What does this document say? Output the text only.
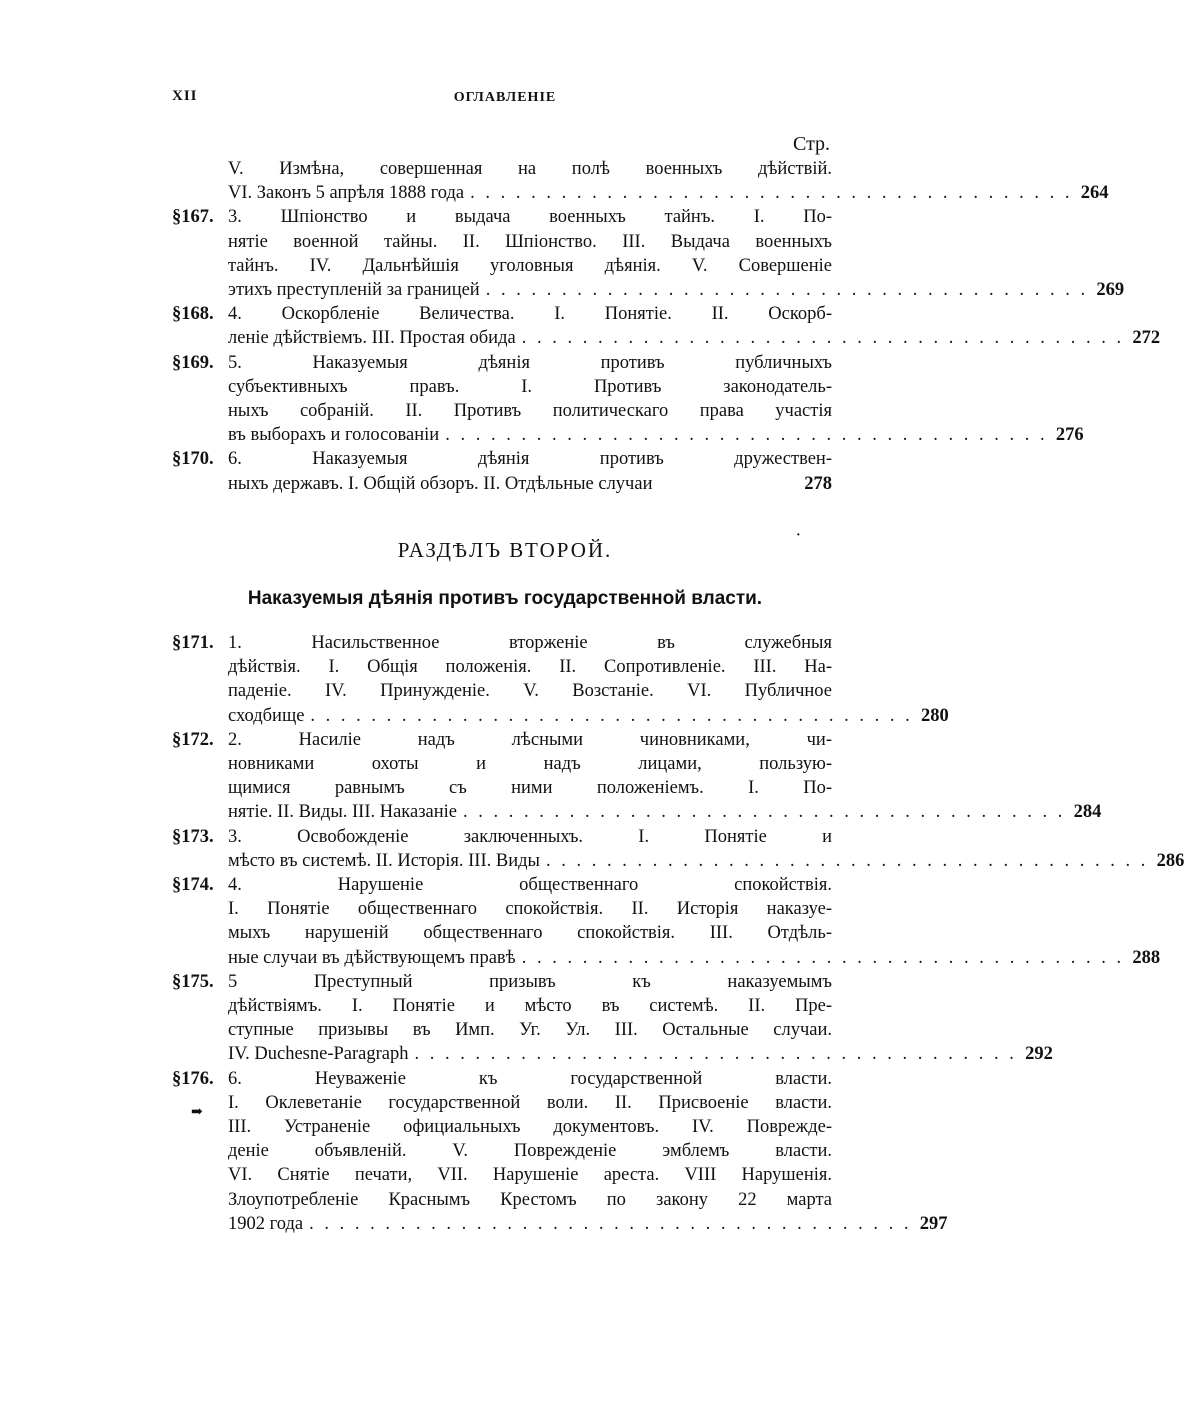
XII	ОГЛАВЛЕНІЕ
Стр.
V. Измѣна, совершенная на полѣ военныхъ дѣйствій.
VI. Законъ 5 апрѣля 1888 года . . . . . . . . . . . . . . . . . . . . . . . . . . . . . . . . . . . . . . . . 264
§167. 3. Шпіонство и выдача военныхъ тайнъ. I. По-
нятіе военной тайны. II. Шпіонство. III. Выдача военныхъ
тайнъ. IV. Дальнѣйшія уголовныя дѣянія. V. Совершеніе
этихъ преступленій за границей . . . . . . . . . . . . . . . . . . . . . . . . . . . . . . . . . . . . . . . . 269
§168. 4. Оскорбленіе Величества. I. Понятіе. II. Оскорб-
леніе дѣйствіемъ. III. Простая обида . . . . . . . . . . . . . . . . . . . . . . . . . . . . . . . . . . . . . . . . 272
§169. 5. Наказуемыя дѣянія противъ публичныхъ
субъективныхъ правъ. I. Противъ законодатель-
ныхъ собраній. II. Противъ политическаго права участія
въ выборахъ и голосованіи . . . . . . . . . . . . . . . . . . . . . . . . . . . . . . . . . . . . . . . . 276
§170. 6. Наказуемыя дѣянія противъ дружествен-
ныхъ державъ. I. Общій обзоръ. II. Отдѣльные случаи	278
РАЗДѢЛЪ ВТОРОЙ.
Наказуемыя дѣянія противъ государственной власти.
§171. 1. Насильственное вторженіе въ служебныя
дѣйствія. I. Общія положенія. II. Сопротивленіе. III. На-
паденіе. IV. Принужденіе. V. Возстаніе. VI. Публичное
сходбище . . . . . . . . . . . . . . . . . . . . . . . . . . . . . . . . . . . . . . . . 280
§172. 2. Насиліе надъ лѣсными чиновниками, чи-
новниками охоты и надъ лицами, пользую-
щимися равнымъ съ ними положеніемъ. I. По-
нятіе. II. Виды. III. Наказаніе . . . . . . . . . . . . . . . . . . . . . . . . . . . . . . . . . . . . . . . . 284
§173. 3. Освобожденіе заключенныхъ. I. Понятіе и
мѣсто въ системѣ. II. Исторія. III. Виды . . . . . . . . . . . . . . . . . . . . . . . . . . . . . . . . . . . . . . . . 286
§174. 4. Нарушеніе общественнаго спокойствія.
I. Понятіе общественнаго спокойствія. II. Исторія наказуе-
мыхъ нарушеній общественнаго спокойствія. III. Отдѣль-
ные случаи въ дѣйствующемъ правѣ . . . . . . . . . . . . . . . . . . . . . . . . . . . . . . . . . . . . . . . . 288
§175. 5 Преступный призывъ къ наказуемымъ
дѣйствіямъ. I. Понятіе и мѣсто въ системѣ. II. Пре-
ступные призывы въ Имп. Уг. Ул. III. Остальные случаи.
IV. Duchesne-Paragraph . . . . . . . . . . . . . . . . . . . . . . . . . . . . . . . . . . . . . . . . 292
§176. 6. Неуваженіе къ государственной власти.
I. Оклеветаніе государственной воли. II. Присвоеніе власти.
III. Устраненіе официальныхъ документовъ. IV. Поврежде-
деніе объявленій. V. Поврежденіе эмблемъ власти.
VI. Снятіе печати, VII. Нарушеніе ареста. VIII Нарушенія.
Злоупотребленіе Краснымъ Крестомъ по закону 22 марта
1902 года . . . . . . . . . . . . . . . . . . . . . . . . . . . . . . . . . . . . . . . . 297
·
➡
